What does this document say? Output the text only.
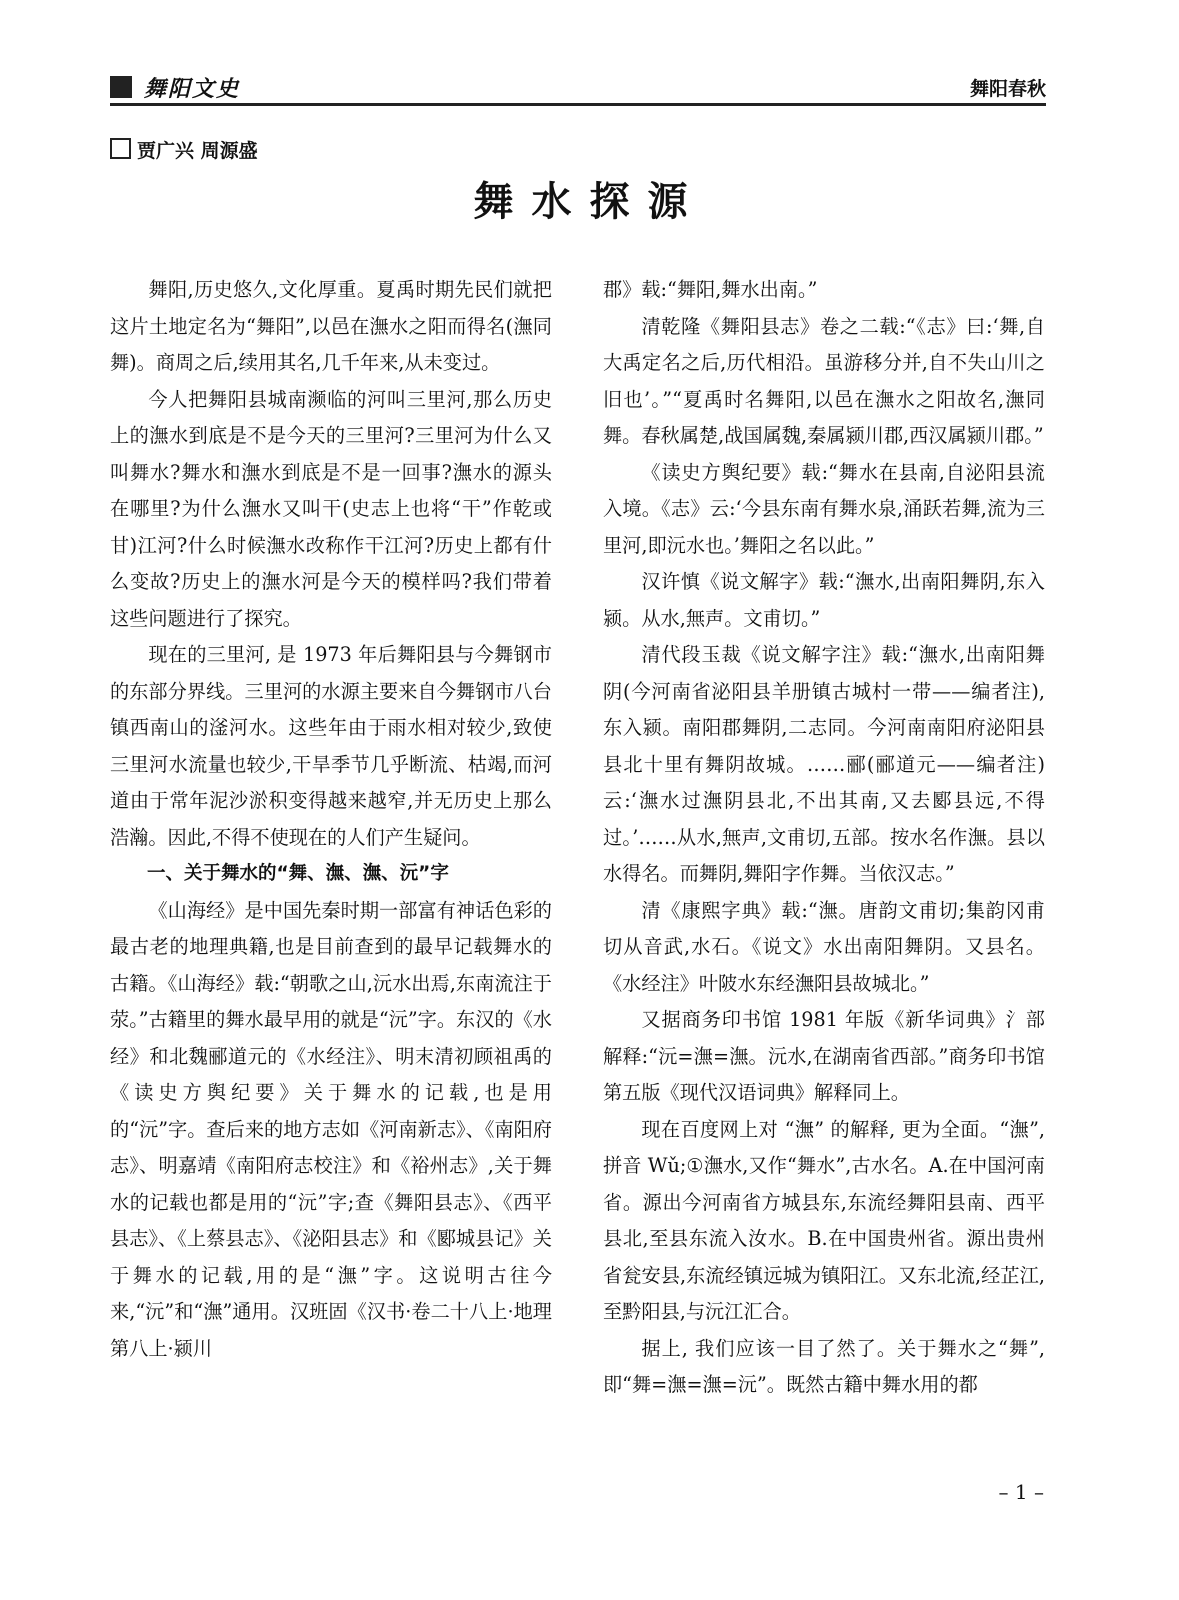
舞阳文史	舞阳春秋
贾广兴 周源盛
舞水探源

舞阳,历史悠久,文化厚重。夏禹时期先民们就把这片土地定名为“舞阳”,以邑在潕水之阳而得名(潕同舞)。商周之后,续用其名,几千年来,从未变过。

今人把舞阳县城南濒临的河叫三里河,那么历史上的潕水到底是不是今天的三里河?三里河为什么又叫舞水?舞水和潕水到底是不是一回事?潕水的源头在哪里?为什么潕水又叫干(史志上也将“干”作乾或甘)江河?什么时候潕水改称作干江河?历史上都有什么变故?历史上的潕水河是今天的模样吗?我们带着这些问题进行了探究。

现在的三里河, 是 1973 年后舞阳县与今舞钢市的东部分界线。三里河的水源主要来自今舞钢市八台镇西南山的滏河水。这些年由于雨水相对较少,致使三里河水流量也较少,干旱季节几乎断流、枯竭,而河道由于常年泥沙淤积变得越来越窄,并无历史上那么浩瀚。因此,不得不使现在的人们产生疑问。

一、关于舞水的“舞、潕、潕、沅”字

《山海经》是中国先秦时期一部富有神话色彩的最古老的地理典籍,也是目前查到的最早记载舞水的古籍。《山海经》载:“朝歌之山,沅水出焉,东南流注于荥。”古籍里的舞水最早用的就是“沅”字。东汉的《水经》和北魏郦道元的《水经注》、明末清初顾祖禹的《读史方舆纪要》关于舞水的记载,也是用的“沅”字。查后来的地方志如《河南新志》、《南阳府志》、明嘉靖《南阳府志校注》和《裕州志》,关于舞水的记载也都是用的“沅”字;查《舞阳县志》、《西平县志》、《上蔡县志》、《泌阳县志》和《郾城县记》关于舞水的记载,用的是“潕”字。这说明古往今来,“沅”和“潕”通用。汉班固《汉书·卷二十八上·地理第八上·颍川

郡》载:“舞阳,舞水出南。”

清乾隆《舞阳县志》卷之二载:“《志》曰:‘舞,自大禹定名之后,历代相沿。虽游移分并,自不失山川之旧也’。”“夏禹时名舞阳,以邑在潕水之阳故名,潕同舞。春秋属楚,战国属魏,秦属颍川郡,西汉属颍川郡。”

《读史方舆纪要》载:“舞水在县南,自泌阳县流入境。《志》云:‘今县东南有舞水泉,涌跃若舞,流为三里河,即沅水也。’舞阳之名以此。”

汉许慎《说文解字》载:“潕水,出南阳舞阴,东入颍。从水,無声。文甫切。”

清代段玉裁《说文解字注》载:“潕水,出南阳舞阴(今河南省泌阳县羊册镇古城村一带——编者注),东入颍。南阳郡舞阴,二志同。今河南南阳府泌阳县县北十里有舞阴故城。……郦(郦道元——编者注)云:‘潕水过潕阴县北,不出其南,又去郾县远,不得过。’……从水,無声,文甫切,五部。按水名作潕。县以水得名。而舞阴,舞阳字作舞。当依汉志。”

清《康熙字典》载:“潕。唐韵文甫切;集韵冈甫切从音武,水石。《说文》水出南阳舞阴。又县名。《水经注》叶陂水东经潕阳县故城北。”

又据商务印书馆 1981 年版《新华词典》氵部解释:“沅=潕=潕。沅水,在湖南省西部。”商务印书馆第五版《现代汉语词典》解释同上。

现在百度网上对 “潕” 的解释, 更为全面。“潕”,拼音 Wǔ;①潕水,又作“舞水”,古水名。A.在中国河南省。源出今河南省方城县东,东流经舞阳县南、西平县北,至县东流入汝水。B.在中国贵州省。源出贵州省瓮安县,东流经镇远城为镇阳江。又东北流,经芷江,至黔阳县,与沅江汇合。

据上, 我们应该一目了然了。关于舞水之“舞”,即“舞=潕=潕=沅”。既然古籍中舞水用的都

– 1 –
